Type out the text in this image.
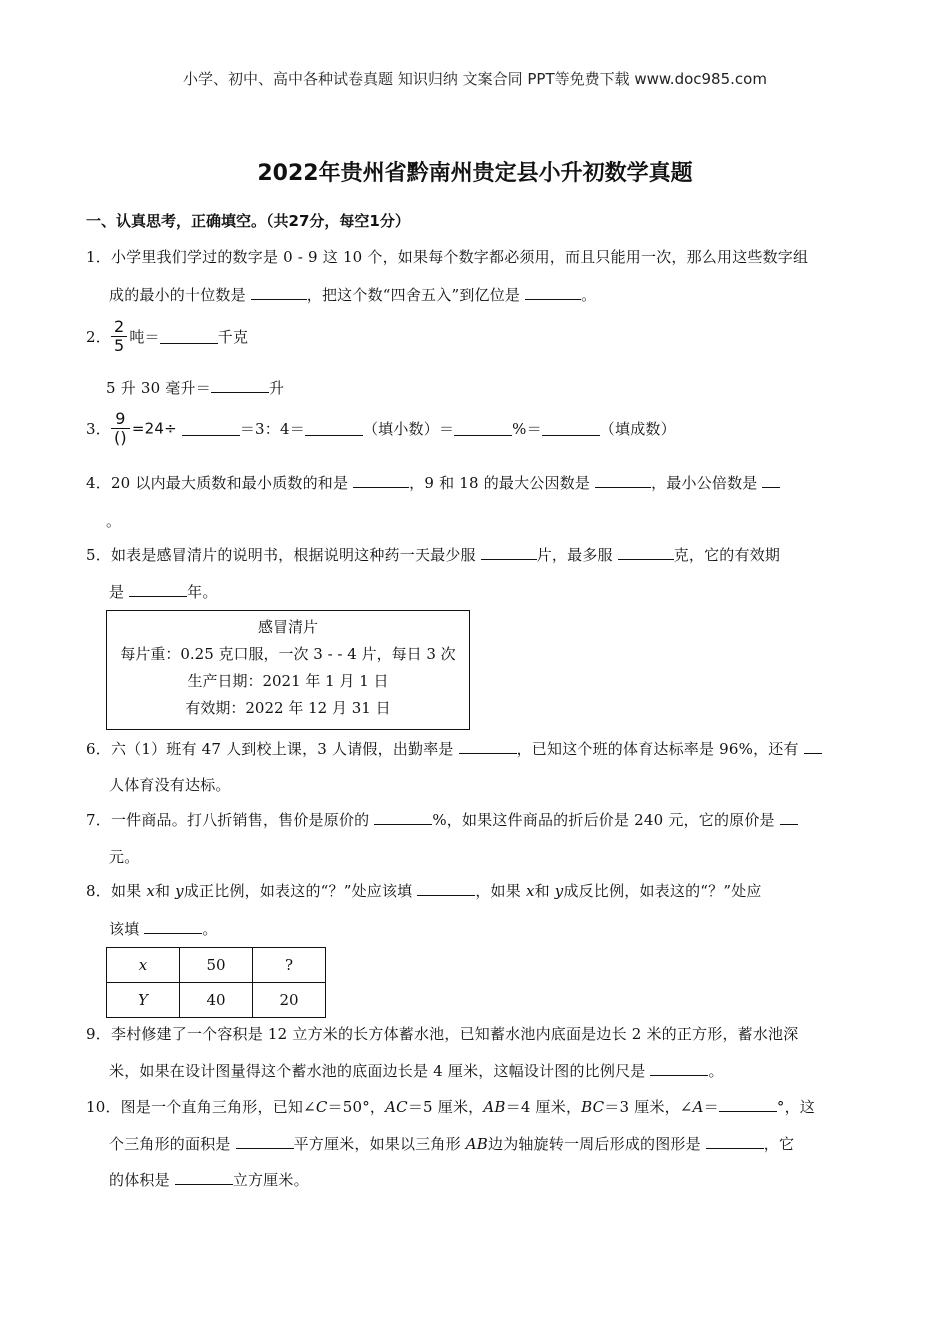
小学、初中、高中各种试卷真题 知识归纳 文案合同 PPT等免费下载 www.doc985.com
2022年贵州省黔南州贵定县小升初数学真题
一、认真思考，正确填空。（共27分，每空1分）
1．小学里我们学过的数字是 0 - 9 这 10 个，如果每个数字都必须用，而且只能用一次，那么用这些数字组
成的最小的十位数是	，把这个数“四舍五入”到亿位是	。
2． $\frac{2}{5}$ 吨＝	千克
5 升 30 毫升＝	升
3． $\frac{9}{()} =24\div$	＝3：4＝	（填小数）＝	%＝	（填成数）
4．20 以内最大质数和最小质数的和是	，9 和 18 的最大公因数是	，最小公倍数是
。
5．如表是感冒清片的说明书，根据说明这种药一天最少服	片，最多服	克，它的有效期
是	年。
感冒清片
每片重：0.25 克口服，一次 3 - - 4 片，每日 3 次
生产日期：2021 年 1 月 1 日
有效期：2022 年 12 月 31 日
6．六（1）班有 47 人到校上课，3 人请假，出勤率是	，已知这个班的体育达标率是 96%，还有
人体育没有达标。
7．一件商品。打八折销售，售价是原价的	%，如果这件商品的折后价是 240 元，它的原价是
元。
8．如果 x和 y成正比例，如表这的“？”处应该填	，如果 x和 y成反比例，如表这的“？”处应
该填	。
x	50	?
Y	40	20
9．李村修建了一个容积是 12 立方米的长方体蓄水池，已知蓄水池内底面是边长 2 米的正方形，蓄水池深
米，如果在设计图量得这个蓄水池的底面边长是 4 厘米，这幅设计图的比例尺是	。
10．图是一个直角三角形，已知∠C＝50°，AC＝5 厘米，AB＝4 厘米，BC＝3 厘米，∠A＝	°，这
个三角形的面积是	平方厘米，如果以三角形 AB边为轴旋转一周后形成的图形是	，它
的体积是	立方厘米。
